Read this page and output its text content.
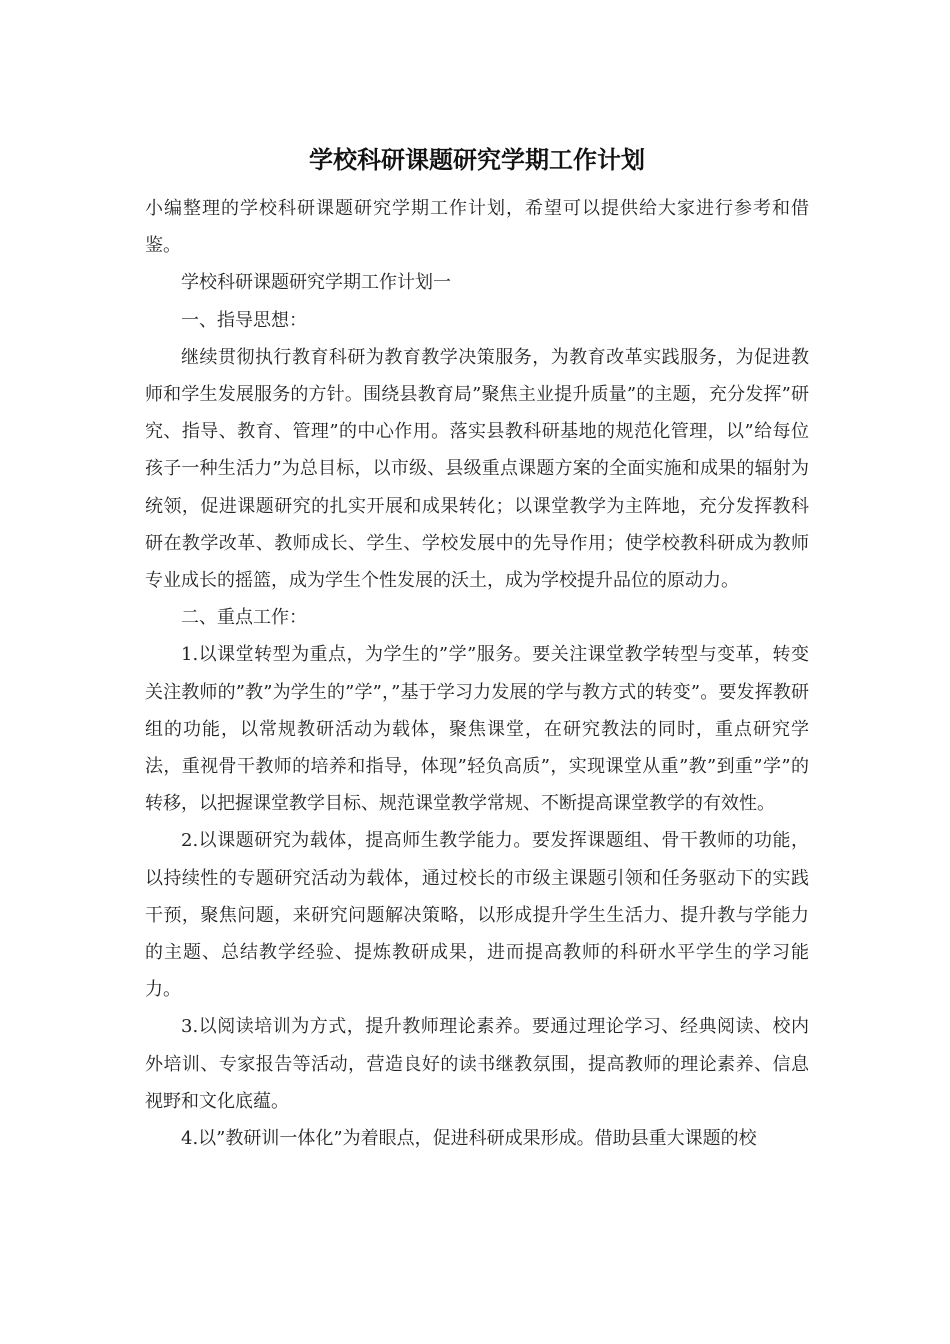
学校科研课题研究学期工作计划

小编整理的学校科研课题研究学期工作计划，希望可以提供给大家进行参考和借鉴。

学校科研课题研究学期工作计划一

一、指导思想：

继续贯彻执行教育科研为教育教学决策服务，为教育改革实践服务，为促进教师和学生发展服务的方针。围绕县教育局”聚焦主业提升质量”的主题，充分发挥”研究、指导、教育、管理”的中心作用。落实县教科研基地的规范化管理，以”给每位孩子一种生活力”为总目标，以市级、县级重点课题方案的全面实施和成果的辐射为统领，促进课题研究的扎实开展和成果转化；以课堂教学为主阵地，充分发挥教科研在教学改革、教师成长、学生、学校发展中的先导作用；使学校教科研成为教师专业成长的摇篮，成为学生个性发展的沃土，成为学校提升品位的原动力。

二、重点工作：

1.以课堂转型为重点，为学生的”学”服务。要关注课堂教学转型与变革，转变关注教师的”教”为学生的”学”，”基于学习力发展的学与教方式的转变”。要发挥教研组的功能，以常规教研活动为载体，聚焦课堂，在研究教法的同时，重点研究学法，重视骨干教师的培养和指导，体现”轻负高质”，实现课堂从重”教”到重”学”的转移，以把握课堂教学目标、规范课堂教学常规、不断提高课堂教学的有效性。

2.以课题研究为载体，提高师生教学能力。要发挥课题组、骨干教师的功能，以持续性的专题研究活动为载体，通过校长的市级主课题引领和任务驱动下的实践干预，聚焦问题，来研究问题解决策略，以形成提升学生生活力、提升教与学能力的主题、总结教学经验、提炼教研成果，进而提高教师的科研水平学生的学习能力。

3.以阅读培训为方式，提升教师理论素养。要通过理论学习、经典阅读、校内外培训、专家报告等活动，营造良好的读书继教氛围，提高教师的理论素养、信息视野和文化底蕴。

4.以”教研训一体化”为着眼点，促进科研成果形成。借助县重大课题的校
